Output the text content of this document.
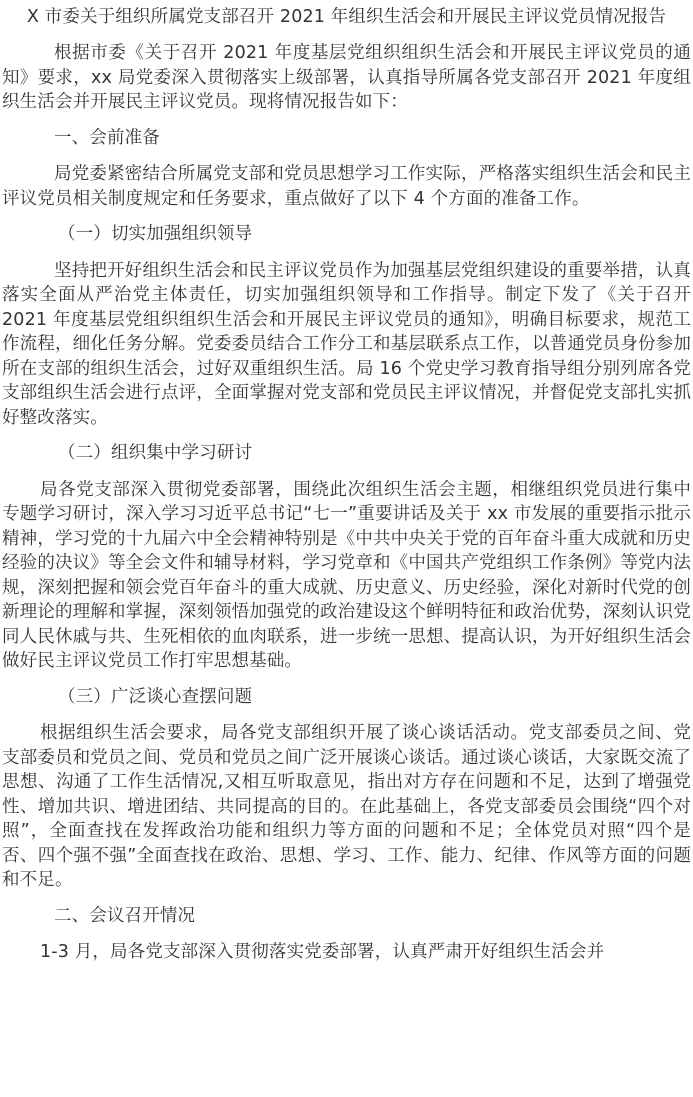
X 市委关于组织所属党支部召开 2021 年组织生活会和开展民主评议党员情况报告

根据市委《关于召开 2021 年度基层党组织组织生活会和开展民主评议党员的通知》要求，xx 局党委深入贯彻落实上级部署，认真指导所属各党支部召开 2021 年度组织生活会并开展民主评议党员。现将情况报告如下：

一、会前准备

局党委紧密结合所属党支部和党员思想学习工作实际，严格落实组织生活会和民主评议党员相关制度规定和任务要求，重点做好了以下 4 个方面的准备工作。

（一）切实加强组织领导

坚持把开好组织生活会和民主评议党员作为加强基层党组织建设的重要举措，认真落实全面从严治党主体责任，切实加强组织领导和工作指导。制定下发了《关于召开 2021 年度基层党组织组织生活会和开展民主评议党员的通知》，明确目标要求，规范工作流程，细化任务分解。党委委员结合工作分工和基层联系点工作，以普通党员身份参加所在支部的组织生活会，过好双重组织生活。局 16 个党史学习教育指导组分别列席各党支部组织生活会进行点评，全面掌握对党支部和党员民主评议情况，并督促党支部扎实抓好整改落实。

（二）组织集中学习研讨

局各党支部深入贯彻党委部署，围绕此次组织生活会主题，相继组织党员进行集中专题学习研讨，深入学习习近平总书记“七一”重要讲话及关于 xx 市发展的重要指示批示精神，学习党的十九届六中全会精神特别是《中共中央关于党的百年奋斗重大成就和历史经验的决议》等全会文件和辅导材料，学习党章和《中国共产党组织工作条例》等党内法规，深刻把握和领会党百年奋斗的重大成就、历史意义、历史经验，深化对新时代党的创新理论的理解和掌握，深刻领悟加强党的政治建设这个鲜明特征和政治优势，深刻认识党同人民休戚与共、生死相依的血肉联系，进一步统一思想、提高认识，为开好组织生活会做好民主评议党员工作打牢思想基础。

（三）广泛谈心查摆问题

根据组织生活会要求，局各党支部组织开展了谈心谈话活动。党支部委员之间、党支部委员和党员之间、党员和党员之间广泛开展谈心谈话。通过谈心谈话，大家既交流了思想、沟通了工作生活情况,又相互听取意见，指出对方存在问题和不足，达到了增强党性、增加共识、增进团结、共同提高的目的。在此基础上，各党支部委员会围绕“四个对照”，全面查找在发挥政治功能和组织力等方面的问题和不足；全体党员对照“四个是否、四个强不强”全面查找在政治、思想、学习、工作、能力、纪律、作风等方面的问题和不足。

二、会议召开情况

1-3 月，局各党支部深入贯彻落实党委部署，认真严肃开好组织生活会并
